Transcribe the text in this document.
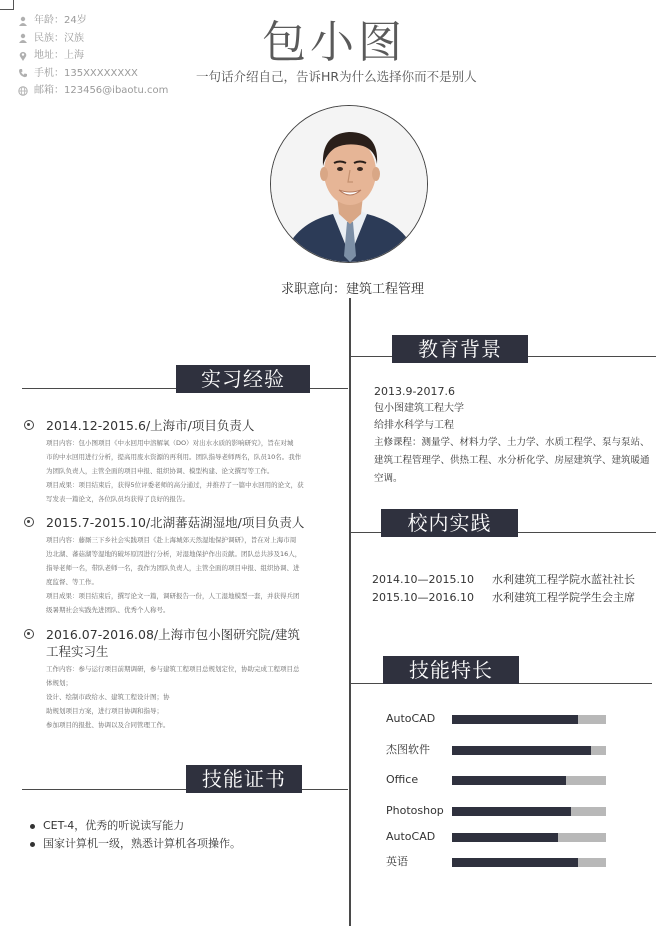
年龄：24岁
民族：汉族
地址：上海
手机：135XXXXXXXX
邮箱：123456@ibaotu.com
包小图
一句话介绍自己，告诉HR为什么选择你而不是别人
求职意向：建筑工程管理
实习经验
2014.12-2015.6/上海市/项目负责人

项目内容：包小图项目《中水回用中溶解氧（DO）对出水水质的影响研究》，旨在对城

市的中水回用进行分析，提高用废水资源的再利用。团队指导老师两名，队员10名。我作

为团队负责人，主管全面的项目申报、组织协调、模型构建、论文撰写等工作。

项目成果：项目结束后，获得5位评委老师的高分通过，并推荐了一篇中水回用的论文，获

写发表一篇论文，各位队员均获得了良好的报告。

2015.7-2015.10/北湖蕃菇湖湿地/项目负责人

项目内容：藤厮三下乡社会实践项目《赴上海城郊天然湿地保护调研》，旨在对上海市周

边北湖、蕃菇湖等湿地的破坏原因进行分析，对湿地保护作出贡献。团队总共涉及16人，

指导老师一名，带队老师一名，我作为团队负责人，主管全面的项目申报、组织协调、进

度监督、等工作。

项目成果：项目结束后，撰写论文一篇，调研报告一份，人工湿地模型一套，并获得兵团

级暑期社会实践先进团队、优秀个人称号。

2016.07-2016.08/上海市包小图研究院/建筑工程实习生

工作内容：参与运行项目前期调研，参与建筑工程项目总规划定位，协助完成工程项目总

体规划；

设计、绘制市政给水、建筑工程设计图；协

助规划项目方案，进行项目协调和指导；

参加项目的报批、协调以及合同管理工作。

教育背景
2013.9-2017.6
包小图建筑工程大学
给排水科学与工程
主修课程：测量学、材料力学、土力学、水质工程学、泵与泵站、建筑工程管理学、供热工程、水分析化学、房屋建筑学、建筑暖通空调。
校内实践
2014.10—2015.10	水利建筑工程学院水蓝社社长
2015.10—2016.10	水利建筑工程学院学生会主席
技能特长
AutoCAD
杰图软件
Office
Photoshop
AutoCAD
英语
技能证书
CET-4，优秀的听说读写能力
国家计算机一级，熟悉计算机各项操作。
